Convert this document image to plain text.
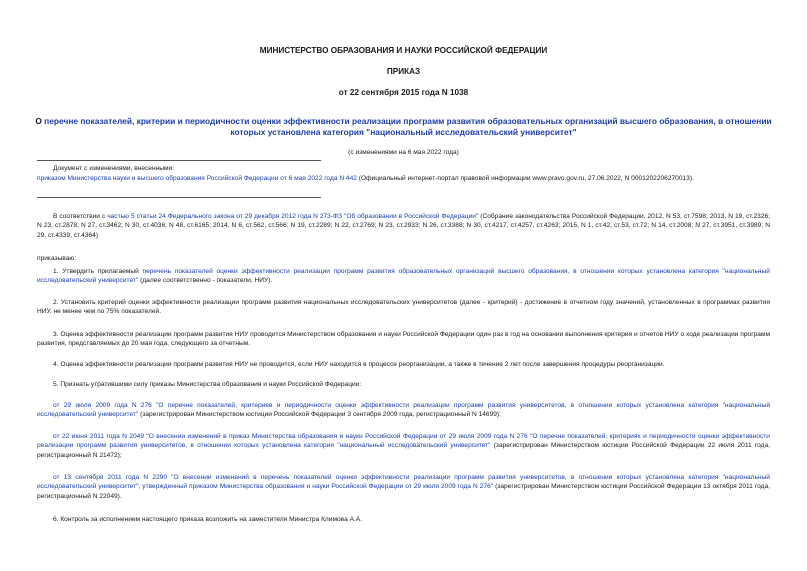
МИНИСТЕРСТВО ОБРАЗОВАНИЯ И НАУКИ РОССИЙСКОЙ ФЕДЕРАЦИИ
ПРИКАЗ
от 22 сентября 2015 года N 1038
О перечне показателей, критерии и периодичности оценки эффективности реализации программ развития образовательных организаций высшего образования, в отношении которых установлена категория "национальный исследовательский университет"
(с изменениями на 6 мая 2022 года)
Документ с изменениями, внесенными:
приказом Министерства науки и высшего образования Российской Федерации от 6 мая 2022 года N 442 (Официальный интернет-портал правовой информации www.pravo.gov.ru, 27.06.2022, N 0001202206270013).
В соответствии с частью 5 статьи 24 Федерального закона от 29 декабря 2012 года N 273-ФЗ "Об образовании в Российской Федерации" (Собрание законодательства Российской Федерации, 2012, N 53, ст.7598; 2013, N 19, ст.2326; N 23, ст.2878; N 27, ст.3462; N 30, ст.4036; N 48, ст.6165; 2014, N 6, ст.562, ст.566; N 19, ст.2289; N 22, ст.2769; N 23, ст.2933; N 26, ст.3388; N 30, ст.4217, ст.4257, ст.4263; 2015, N 1, ст.42, ст.53, ст.72; N 14, ст.2008; N 27, ст.3951, ст.3989; N 29, ст.4339, ст.4364)
приказываю:
1. Утвердить прилагаемый перечень показателей оценки эффективности реализации программ развития образовательных организаций высшего образования, в отношении которых установлена категория "национальный исследовательский университет" (далее соответственно - показатели, НИУ).
2. Установить критерий оценки эффективности реализации программ развития национальных исследовательских университетов (далее - критерий) - достижение в отчетном году значений, установленных в программах развития НИУ, не менее чем по 75% показателей.
3. Оценка эффективности реализации программ развития НИУ проводится Министерством образования и науки Российской Федерации один раз в год на основании выполнения критерия и отчетов НИУ о ходе реализации программ развития, представляемых до 20 мая года, следующего за отчетным.
4. Оценка эффективности реализации программ развития НИУ не проводится, если НИУ находится в процессе реорганизации, а также в течение 2 лет после завершения процедуры реорганизации.
5. Признать утратившими силу приказы Министерства образования и науки Российской Федерации:
от 29 июля 2009 года N 276 "О перечне показателей, критериев и периодичности оценки эффективности реализации программ развития университетов, в отношении которых установлена категория "национальный исследовательский университет" (зарегистрирован Министерством юстиции Российской Федерации 3 сентября 2009 года, регистрационный N 14699);
от 22 июня 2011 года N 2049 "О внесении изменений в приказ Министерства образования и науки Российской Федерации от 29 июля 2009 года N 276 "О перечне показателей, критериях и периодичности оценки эффективности реализации программ развития университетов, в отношении которых установлена категория "национальный исследовательский университет" (зарегистрирован Министерством юстиции Российской Федерации 22 июля 2011 года, регистрационный N 21472);
от 13 сентября 2011 года N 2290 "О внесении изменений в перечень показателей оценки эффективности реализации программ развития университетов, в отношении которых установлена категория "национальный исследовательский университет", утвержденный приказом Министерства образования и науки Российской Федерации от 29 июля 2009 года N 276" (зарегистрирован Министерством юстиции Российской Федерации 13 октября 2011 года, регистрационный N 22049).
6. Контроль за исполнением настоящего приказа возложить на заместителя Министра Климова А.А.
